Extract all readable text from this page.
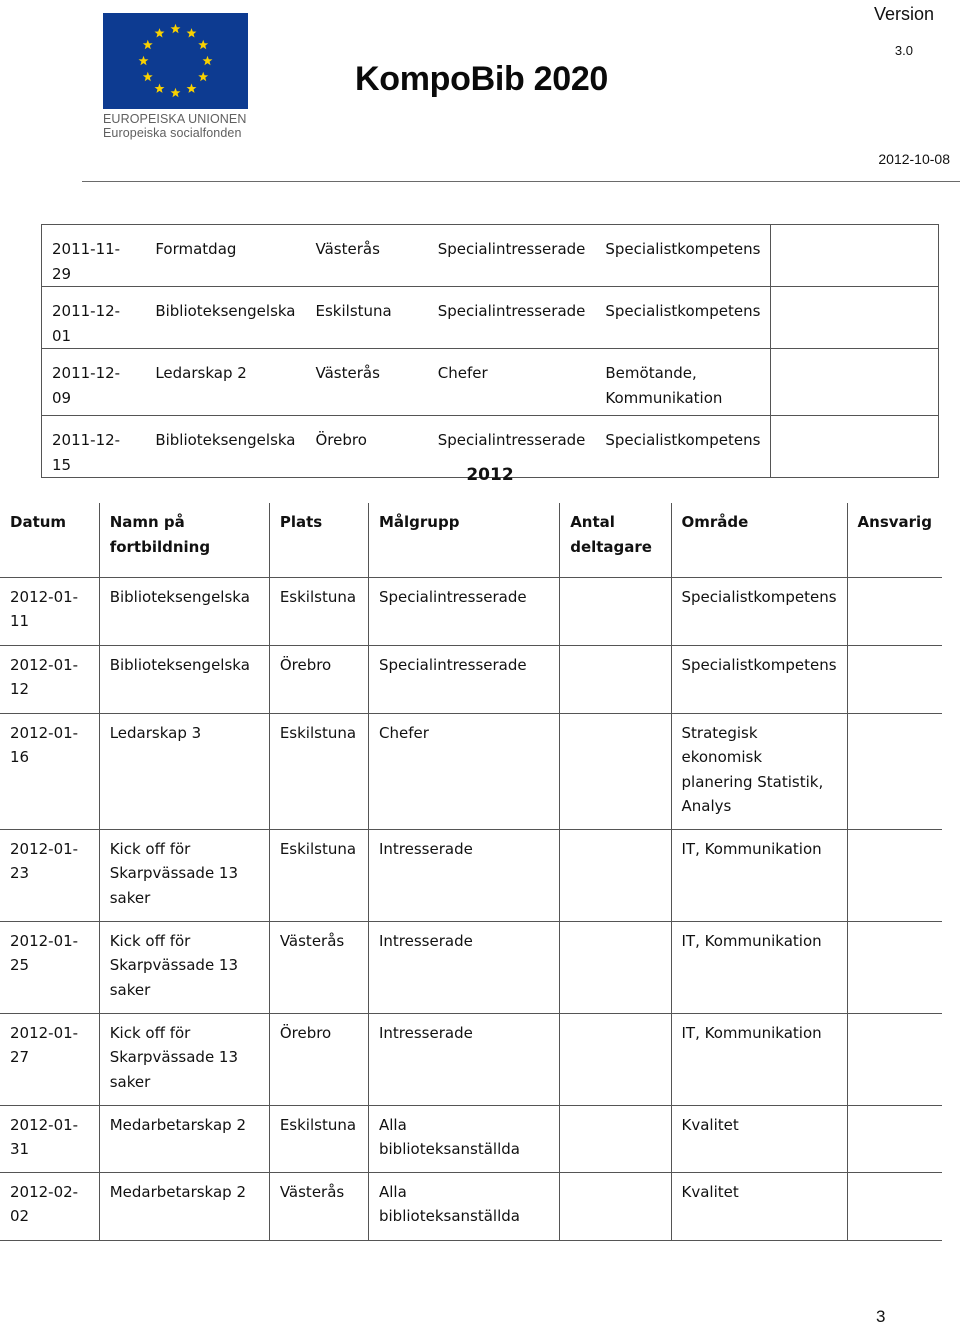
EUROPEISKA UNIONEN
Europeiska socialfonden
KompoBib 2020
Version
3.0
2012-10-08
2011-11-29	Formatdag	Västerås	Specialintresserade	Specialistkompetens	
2011-12-01	Biblioteksengelska	Eskilstuna	Specialintresserade	Specialistkompetens	
2011-12-09	Ledarskap 2	Västerås	Chefer	Bemötande, Kommunikation	
2011-12-15	Biblioteksengelska	Örebro	Specialintresserade	Specialistkompetens	
2012
Datum	Namn på fortbildning	Plats	Målgrupp	Antal deltagare	Område	Ansvarig
2012-01-11	Biblioteksengelska	Eskilstuna	Specialintresserade		Specialistkompetens	
2012-01-12	Biblioteksengelska	Örebro	Specialintresserade		Specialistkompetens	
2012-01-16	Ledarskap 3	Eskilstuna	Chefer		Strategisk ekonomisk planering Statistik, Analys	
2012-01-23	Kick off för Skarpvässade 13 saker	Eskilstuna	Intresserade		IT, Kommunikation	
2012-01-25	Kick off för Skarpvässade 13 saker	Västerås	Intresserade		IT, Kommunikation	
2012-01-27	Kick off för Skarpvässade 13 saker	Örebro	Intresserade		IT, Kommunikation	
2012-01-31	Medarbetarskap 2	Eskilstuna	Alla biblioteksanställda		Kvalitet	
2012-02-02	Medarbetarskap 2	Västerås	Alla biblioteksanställda		Kvalitet	
3
